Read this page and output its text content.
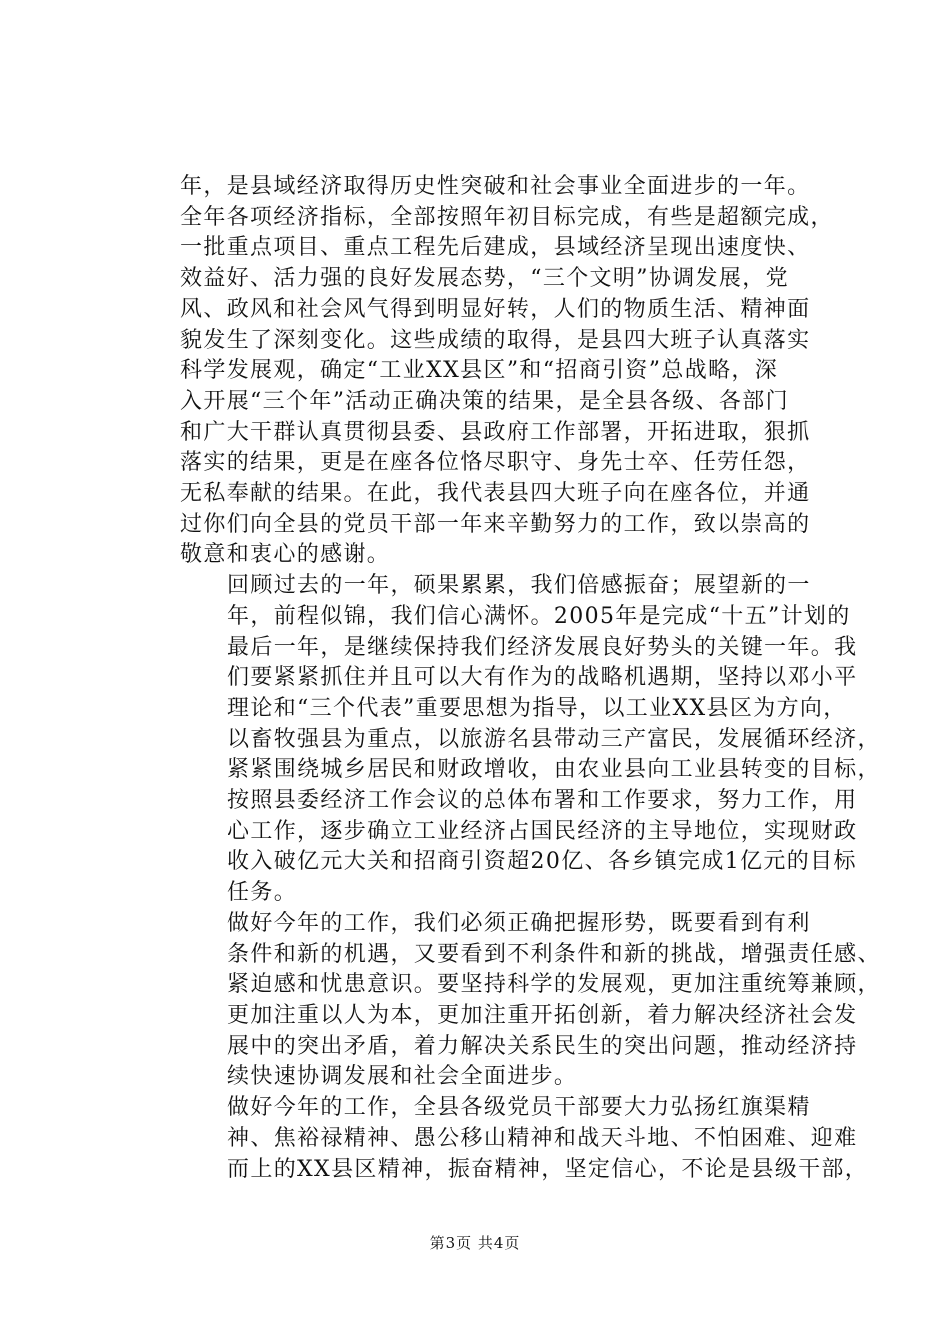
年，是县域经济取得历史性突破和社会事业全面进步的一年。
全年各项经济指标，全部按照年初目标完成，有些是超额完成，
一批重点项目、重点工程先后建成，县域经济呈现出速度快、
效益好、活力强的良好发展态势，“三个文明”协调发展，党
风、政风和社会风气得到明显好转，人们的物质生活、精神面
貌发生了深刻变化。这些成绩的取得，是县四大班子认真落实
科学发展观，确定“工业XX县区”和“招商引资”总战略，深
入开展“三个年”活动正确决策的结果，是全县各级、各部门
和广大干群认真贯彻县委、县政府工作部署，开拓进取，狠抓
落实的结果，更是在座各位恪尽职守、身先士卒、任劳任怨，
无私奉献的结果。在此，我代表县四大班子向在座各位，并通
过你们向全县的党员干部一年来辛勤努力的工作，致以崇高的
敬意和衷心的感谢。

回顾过去的一年，硕果累累，我们倍感振奋；展望新的一
年，前程似锦，我们信心满怀。2005年是完成“十五”计划的
最后一年，是继续保持我们经济发展良好势头的关键一年。我
们要紧紧抓住并且可以大有作为的战略机遇期，坚持以邓小平
理论和“三个代表”重要思想为指导，以工业XX县区为方向，
以畜牧强县为重点，以旅游名县带动三产富民，发展循环经济，
紧紧围绕城乡居民和财政增收，由农业县向工业县转变的目标，
按照县委经济工作会议的总体布署和工作要求，努力工作，用
心工作，逐步确立工业经济占国民经济的主导地位，实现财政
收入破亿元大关和招商引资超20亿、各乡镇完成1亿元的目标
任务。

做好今年的工作，我们必须正确把握形势，既要看到有利
条件和新的机遇，又要看到不利条件和新的挑战，增强责任感、
紧迫感和忧患意识。要坚持科学的发展观，更加注重统筹兼顾，
更加注重以人为本，更加注重开拓创新，着力解决经济社会发
展中的突出矛盾，着力解决关系民生的突出问题，推动经济持
续快速协调发展和社会全面进步。

做好今年的工作，全县各级党员干部要大力弘扬红旗渠精
神、焦裕禄精神、愚公移山精神和战天斗地、不怕困难、迎难
而上的XX县区精神，振奋精神，坚定信心，不论是县级干部，

第3页 共4页
